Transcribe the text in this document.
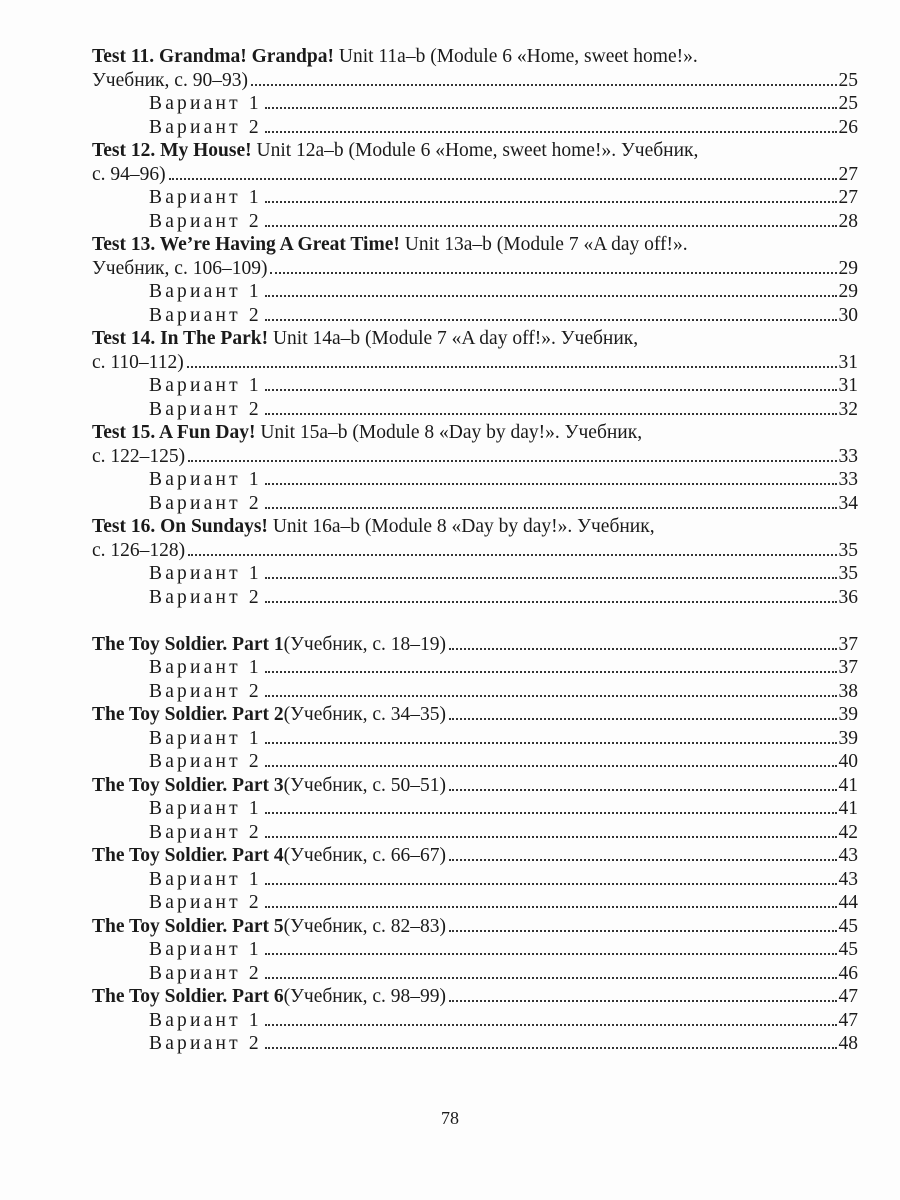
Test 11. Grandma! Grandpa! Unit 11a–b (Module 6 «Home, sweet home!».
Учебник, с. 90–93)	25
Вариант 1	25
Вариант 2	26
Test 12. My House! Unit 12a–b (Module 6 «Home, sweet home!». Учебник,
с. 94–96)	27
Вариант 1	27
Вариант 2	28
Test 13. We’re Having A Great Time! Unit 13a–b (Module 7 «A day off!».
Учебник, с. 106–109)	29
Вариант 1	29
Вариант 2	30
Test 14. In The Park! Unit 14a–b (Module 7 «A day off!». Учебник,
с. 110–112)	31
Вариант 1	31
Вариант 2	32
Test 15. A Fun Day! Unit 15a–b (Module 8 «Day by day!». Учебник,
с. 122–125)	33
Вариант 1	33
Вариант 2	34
Test 16. On Sundays! Unit 16a–b (Module 8 «Day by day!». Учебник,
с. 126–128)	35
Вариант 1	35
Вариант 2	36
The Toy Soldier. Part 1 (Учебник, с. 18–19)	37
Вариант 1	37
Вариант 2	38
The Toy Soldier. Part 2 (Учебник, с. 34–35)	39
Вариант 1	39
Вариант 2	40
The Toy Soldier. Part 3 (Учебник, с. 50–51)	41
Вариант 1	41
Вариант 2	42
The Toy Soldier. Part 4 (Учебник, с. 66–67)	43
Вариант 1	43
Вариант 2	44
The Toy Soldier. Part 5 (Учебник, с. 82–83)	45
Вариант 1	45
Вариант 2	46
The Toy Soldier. Part 6 (Учебник, с. 98–99)	47
Вариант 1	47
Вариант 2	48
78
